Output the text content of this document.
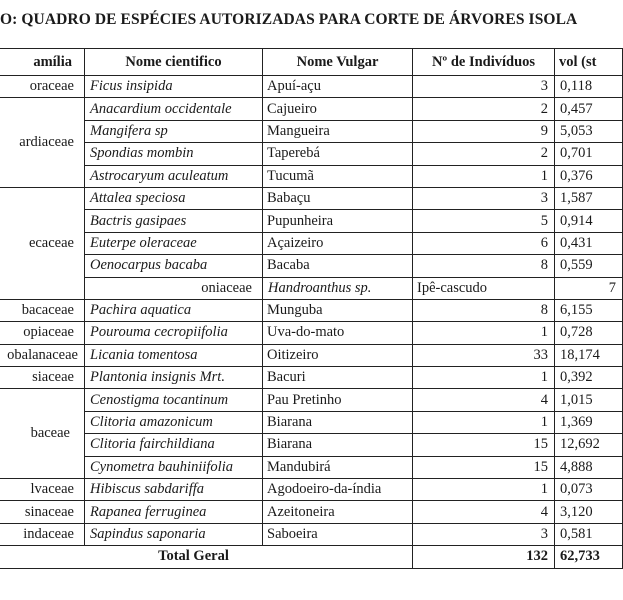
O: QUADRO DE ESPÉCIES AUTORIZADAS PARA CORTE DE ÁRVORES ISOLA
amília	Nome cientifico	Nome Vulgar	Nº de Indivíduos	vol (st	
oraceae	Ficus insipida	Apuí-açu	3	0,118	
ardiaceae	Anacardium occidentale	Cajueiro	2	0,457	
	Mangifera sp	Mangueira	9	5,053	
	Spondias mombin	Taperebá	2	0,701	
	Astrocaryum aculeatum	Tucumã	1	0,376	
ecaceae	Attalea speciosa	Babaçu	3	1,587	
	Bactris gasipaes	Pupunheira	5	0,914	
	Euterpe oleraceae	Açaizeiro	6	0,431	
	Oenocarpus bacaba	Bacaba	8	0,559	
	oniaceae	Handroanthus sp.	Ipê-cascudo	7	
bacaceae	Pachira aquatica	Munguba	8	6,155	
opiaceae	Pourouma cecropiifolia	Uva-do-mato	1	0,728	
obalanaceae	Licania tomentosa	Oitizeiro	33	18,174	
siaceae	Plantonia insignis Mrt.	Bacuri	1	0,392	
baceae	Cenostigma tocantinum	Pau Pretinho	4	1,015	
	Clitoria amazonicum	Biarana	1	1,369	
	Clitoria fairchildiana	Biarana	15	12,692	
	Cynometra bauhiniifolia	Mandubirá	15	4,888	
lvaceae	Hibiscus sabdariffa	Agodoeiro-da-índia	1	0,073	
sinaceae	Rapanea ferruginea	Azeitoneira	4	3,120	
indaceae	Sapindus saponaria	Saboeira	3	0,581	
Total Geral			132	62,733	
